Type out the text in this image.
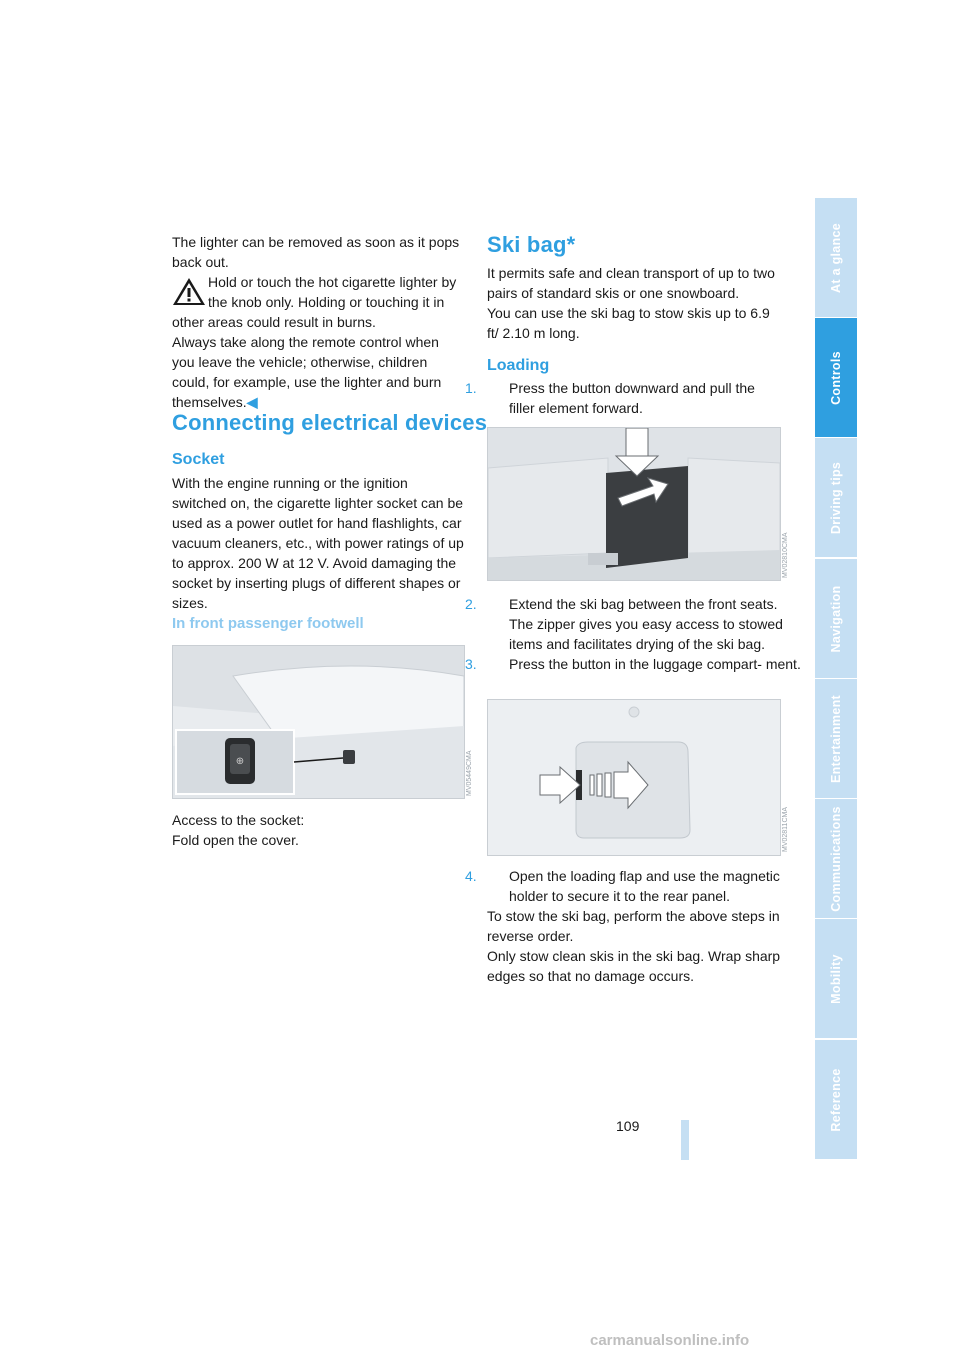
The lighter can be removed as soon as it pops back out.

Hold or touch the hot cigarette lighter by the knob only. Holding or touching it in

other areas could result in burns.

Always take along the remote control when you leave the vehicle; otherwise, children could, for example, use the lighter and burn themselves.◀

Connecting electrical devices
Socket

With the engine running or the ignition switched on, the cigarette lighter socket can be used as a power outlet for hand flashlights, car vacuum cleaners, etc., with power ratings of up to approx. 200 W at 12 V. Avoid damaging the socket by inserting plugs of different shapes or sizes.

In front passenger footwell
⊕	MV05449CMA

Access to the socket:

Fold open the cover.

Ski bag*

It permits safe and clean transport of up to two pairs of standard skis or one snowboard.

You can use the ski bag to stow skis up to 6.9 ft/ 2.10 m long.

Loading

1. Press the button downward and pull the filler element forward.

MV02810CMA

2. Extend the ski bag between the front seats. The zipper gives you easy access to stowed items and facilitates drying of the ski bag.

3. Press the button in the luggage compart- ment.

MV02811CMA

4. Open the loading flap and use the magnetic holder to secure it to the rear panel.

To stow the ski bag, perform the above steps in reverse order.

Only stow clean skis in the ski bag. Wrap sharp edges so that no damage occurs.

At a glance
Controls
Driving tips
Navigation
Entertainment
Communications
Mobility
Reference
109
carmanualsonline.info
